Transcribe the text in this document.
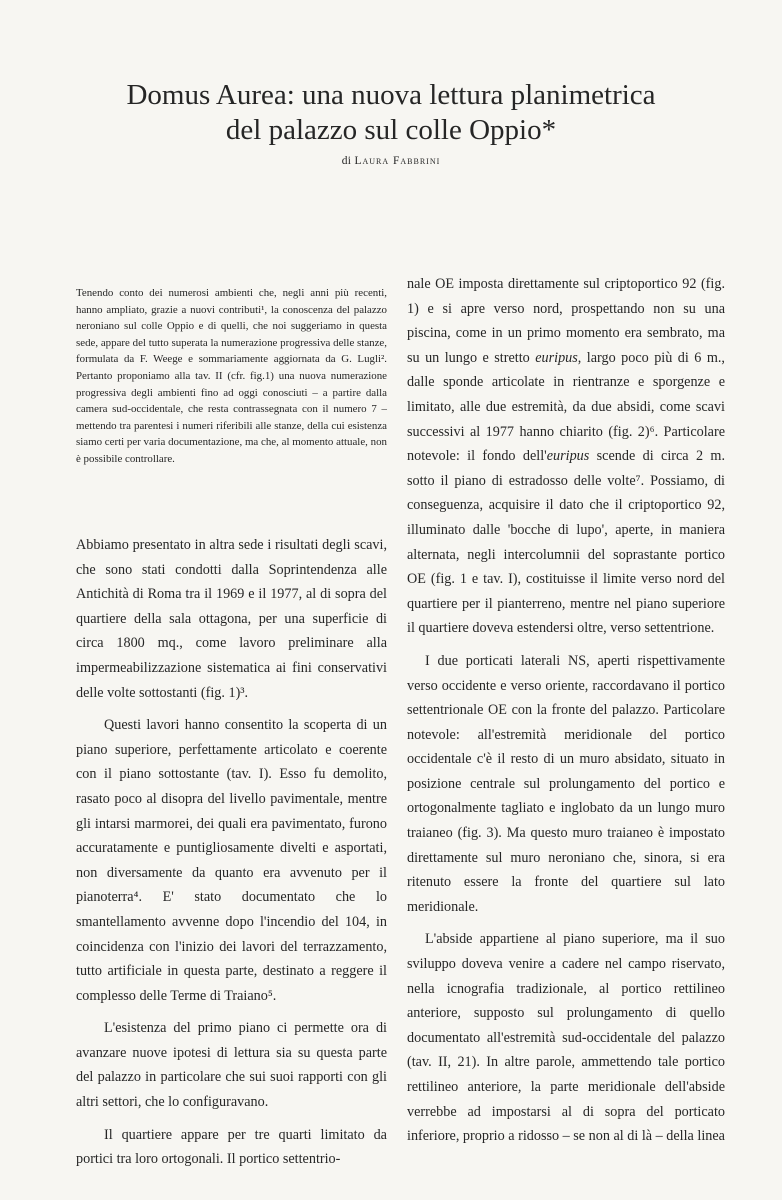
Domus Aurea: una nuova lettura planimetrica
del palazzo sul colle Oppio*
di Laura Fabbrini

Tenendo conto dei numerosi ambienti che, negli anni più recenti, hanno ampliato, grazie a nuovi contributi¹, la conoscenza del palazzo neroniano sul colle Oppio e di quelli, che noi suggeriamo in questa sede, appare del tutto superata la numerazione progressiva delle stanze, formulata da F. Weege e sommariamente aggiornata da G. Lugli². Pertanto proponiamo alla tav. II (cfr. fig.1) una nuova numerazione progressiva degli ambienti fino ad oggi conosciuti – a partire dalla camera sud-occidentale, che resta contrassegnata con il numero 7 – mettendo tra parentesi i numeri riferibili alle stanze, della cui esistenza siamo certi per varia documentazione, ma che, al momento attuale, non è possibile controllare.

Abbiamo presentato in altra sede i risultati degli scavi, che sono stati condotti dalla Soprintendenza alle Antichità di Roma tra il 1969 e il 1977, al di sopra del quartiere della sala ottagona, per una superficie di circa 1800 mq., come lavoro preliminare alla impermeabilizzazione sistematica ai fini conservativi delle volte sottostanti (fig. 1)³.

Questi lavori hanno consentito la scoperta di un piano superiore, perfettamente articolato e coerente con il piano sottostante (tav. I). Esso fu demolito, rasato poco al disopra del livello pavimentale, mentre gli intarsi marmorei, dei quali era pavimentato, furono accuratamente e puntigliosamente divelti e asportati, non diversamente da quanto era avvenuto per il pianoterra⁴. E' stato documentato che lo smantellamento avvenne dopo l'incendio del 104, in coincidenza con l'inizio dei lavori del terrazzamento, tutto artificiale in questa parte, destinato a reggere il complesso delle Terme di Traiano⁵.

L'esistenza del primo piano ci permette ora di avanzare nuove ipotesi di lettura sia su questa parte del palazzo in particolare che sui suoi rapporti con gli altri settori, che lo configuravano.

Il quartiere appare per tre quarti limitato da portici tra loro ortogonali. Il portico settentrio-

nale OE imposta direttamente sul criptoportico 92 (fig. 1) e si apre verso nord, prospettando non su una piscina, come in un primo momento era sembrato, ma su un lungo e stretto euripus, largo poco più di 6 m., dalle sponde articolate in rientranze e sporgenze e limitato, alle due estremità, da due absidi, come scavi successivi al 1977 hanno chiarito (fig. 2)⁶. Particolare notevole: il fondo dell'euripus scende di circa 2 m. sotto il piano di estradosso delle volte⁷. Possiamo, di conseguenza, acquisire il dato che il criptoportico 92, illuminato dalle 'bocche di lupo', aperte, in maniera alternata, negli intercolumnii del soprastante portico OE (fig. 1 e tav. I), costituisse il limite verso nord del quartiere per il pianterreno, mentre nel piano superiore il quartiere doveva estendersi oltre, verso settentrione.

I due porticati laterali NS, aperti rispettivamente verso occidente e verso oriente, raccordavano il portico settentrionale OE con la fronte del palazzo. Particolare notevole: all'estremità meridionale del portico occidentale c'è il resto di un muro absidato, situato in posizione centrale sul prolungamento del portico e ortogonalmente tagliato e inglobato da un lungo muro traianeo (fig. 3). Ma questo muro traianeo è impostato direttamente sul muro neroniano che, sinora, si era ritenuto essere la fronte del quartiere sul lato meridionale.

L'abside appartiene al piano superiore, ma il suo sviluppo doveva venire a cadere nel campo riservato, nella icnografia tradizionale, al portico rettilineo anteriore, supposto sul prolungamento di quello documentato all'estremità sud-occidentale del palazzo (tav. II, 21). In altre parole, ammettendo tale portico rettilineo anteriore, la parte meridionale dell'abside verrebbe ad impostarsi al di sopra del porticato inferiore, proprio a ridosso – se non al di là – della linea
